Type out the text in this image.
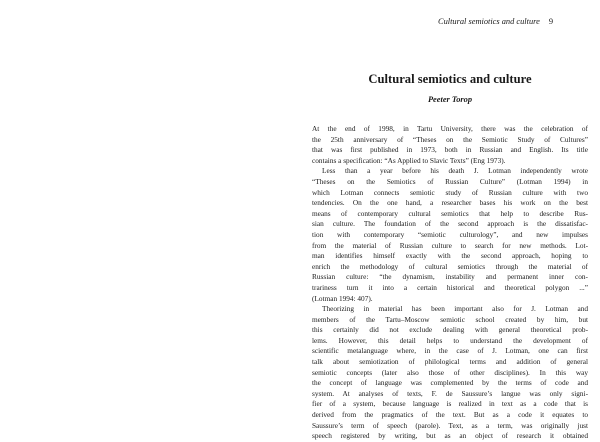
Cultural semiotics and culture 9
Cultural semiotics and culture
Peeter Torop
At the end of 1998, in Tartu University, there was the celebration of
the 25th anniversary of “Theses on the Semiotic Study of Cultures”
that was first published in 1973, both in Russian and English. Its title
contains a specification: “As Applied to Slavic Texts” (Eng 1973).
Less than a year before his death J. Lotman independently wrote
“Theses on the Semiotics of Russian Culture” (Lotman 1994) in
which Lotman connects semiotic study of Russian culture with two
tendencies. On the one hand, a researcher bases his work on the best
means of contemporary cultural semiotics that help to describe Rus-
sian culture. The foundation of the second approach is the dissatisfac-
tion with contemporary “semiotic culturology”, and new impulses
from the material of Russian culture to search for new methods. Lot-
man identifies himself exactly with the second approach, hoping to
enrich the methodology of cultural semiotics through the material of
Russian culture: “the dynamism, instability and permanent inner con-
trariness turn it into a certain historical and theoretical polygon ...”
(Lotman 1994: 407).
Theorizing in material has been important also for J. Lotman and
members of the Tartu–Moscow semiotic school created by him, but
this certainly did not exclude dealing with general theoretical prob-
lems. However, this detail helps to understand the development of
scientific metalanguage where, in the case of J. Lotman, one can first
talk about semiotization of philological terms and addition of general
semiotic concepts (later also those of other disciplines). In this way
the concept of language was complemented by the terms of code and
system. At analyses of texts, F. de Saussure’s langue was only signi-
fier of a system, because language is realized in text as a code that is
derived from the pragmatics of the text. But as a code it equates to
Saussure’s term of speech (parole). Text, as a term, was originally just
speech registered by writing, but as an object of research it obtained
